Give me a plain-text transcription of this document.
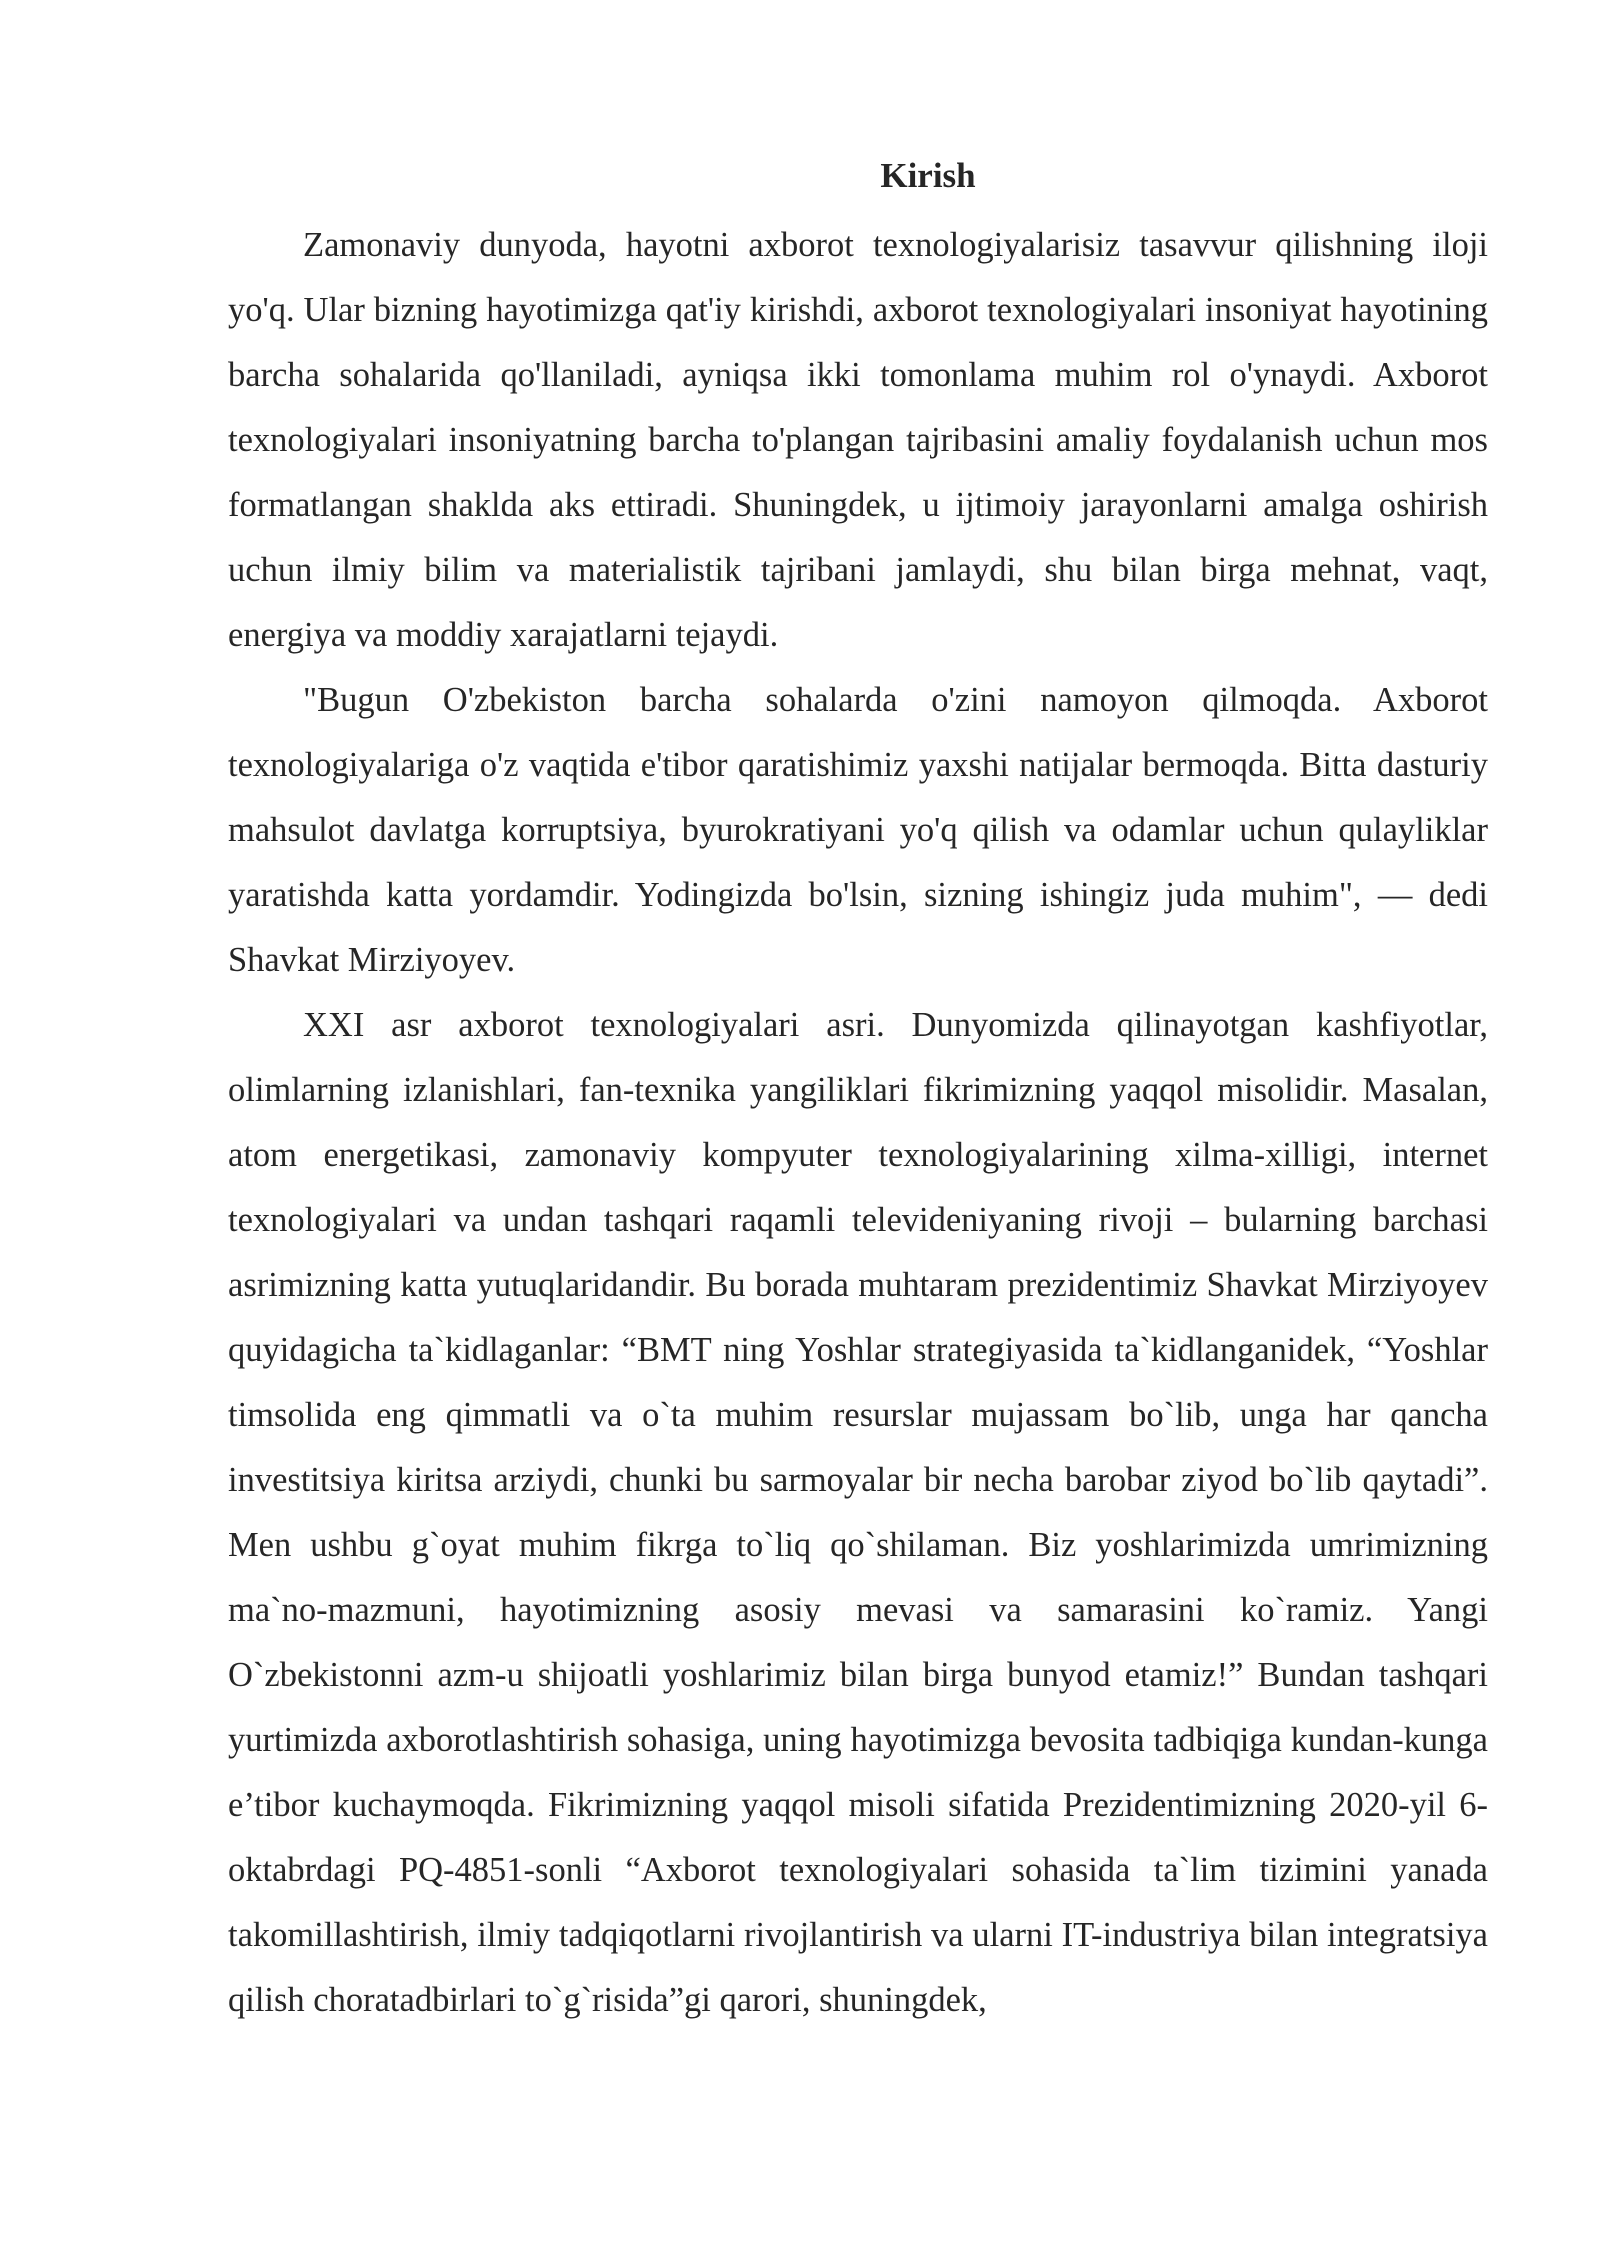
Kirish

Zamonaviy dunyoda, hayotni axborot texnologiyalarisiz tasavvur qilishning iloji yo'q. Ular bizning hayotimizga qat'iy kirishdi, axborot texnologiyalari insoniyat hayotining barcha sohalarida qo'llaniladi, ayniqsa ikki tomonlama muhim rol o'ynaydi. Axborot texnologiyalari insoniyatning barcha to'plangan tajribasini amaliy foydalanish uchun mos formatlangan shaklda aks ettiradi. Shuningdek, u ijtimoiy jarayonlarni amalga oshirish uchun ilmiy bilim va materialistik tajribani jamlaydi, shu bilan birga mehnat, vaqt, energiya va moddiy xarajatlarni tejaydi.

"Bugun O'zbekiston barcha sohalarda o'zini namoyon qilmoqda. Axborot texnologiyalariga o'z vaqtida e'tibor qaratishimiz yaxshi natijalar bermoqda. Bitta dasturiy mahsulot davlatga korruptsiya, byurokratiyani yo'q qilish va odamlar uchun qulayliklar yaratishda katta yordamdir. Yodingizda bo'lsin, sizning ishingiz juda muhim", — dedi Shavkat Mirziyoyev.

XXI asr axborot texnologiyalari asri. Dunyomizda qilinayotgan kashfiyotlar, olimlarning izlanishlari, fan-texnika yangiliklari fikrimizning yaqqol misolidir. Masalan, atom energetikasi, zamonaviy kompyuter texnologiyalarining xilma-xilligi, internet texnologiyalari va undan tashqari raqamli televideniyaning rivoji – bularning barchasi asrimizning katta yutuqlaridandir. Bu borada muhtaram prezidentimiz Shavkat Mirziyoyev quyidagicha ta`kidlaganlar: “BMT ning Yoshlar strategiyasida ta`kidlanganidek, “Yoshlar timsolida eng qimmatli va o`ta muhim resurslar mujassam bo`lib, unga har qancha investitsiya kiritsa arziydi, chunki bu sarmoyalar bir necha barobar ziyod bo`lib qaytadi”. Men ushbu g`oyat muhim fikrga to`liq qo`shilaman. Biz yoshlarimizda umrimizning ma`no-mazmuni, hayotimizning asosiy mevasi va samarasini ko`ramiz. Yangi O`zbekistonni azm-u shijoatli yoshlarimiz bilan birga bunyod etamiz!” Bundan tashqari yurtimizda axborotlashtirish sohasiga, uning hayotimizga bevosita tadbiqiga kundan-kunga e’tibor kuchaymoqda. Fikrimizning yaqqol misoli sifatida Prezidentimizning 2020-yil 6-oktabrdagi PQ-4851-sonli “Axborot texnologiyalari sohasida ta`lim tizimini yanada takomillashtirish, ilmiy tadqiqotlarni rivojlantirish va ularni IT-industriya bilan integratsiya qilish choratadbirlari to`g`risida”gi qarori, shuningdek,
